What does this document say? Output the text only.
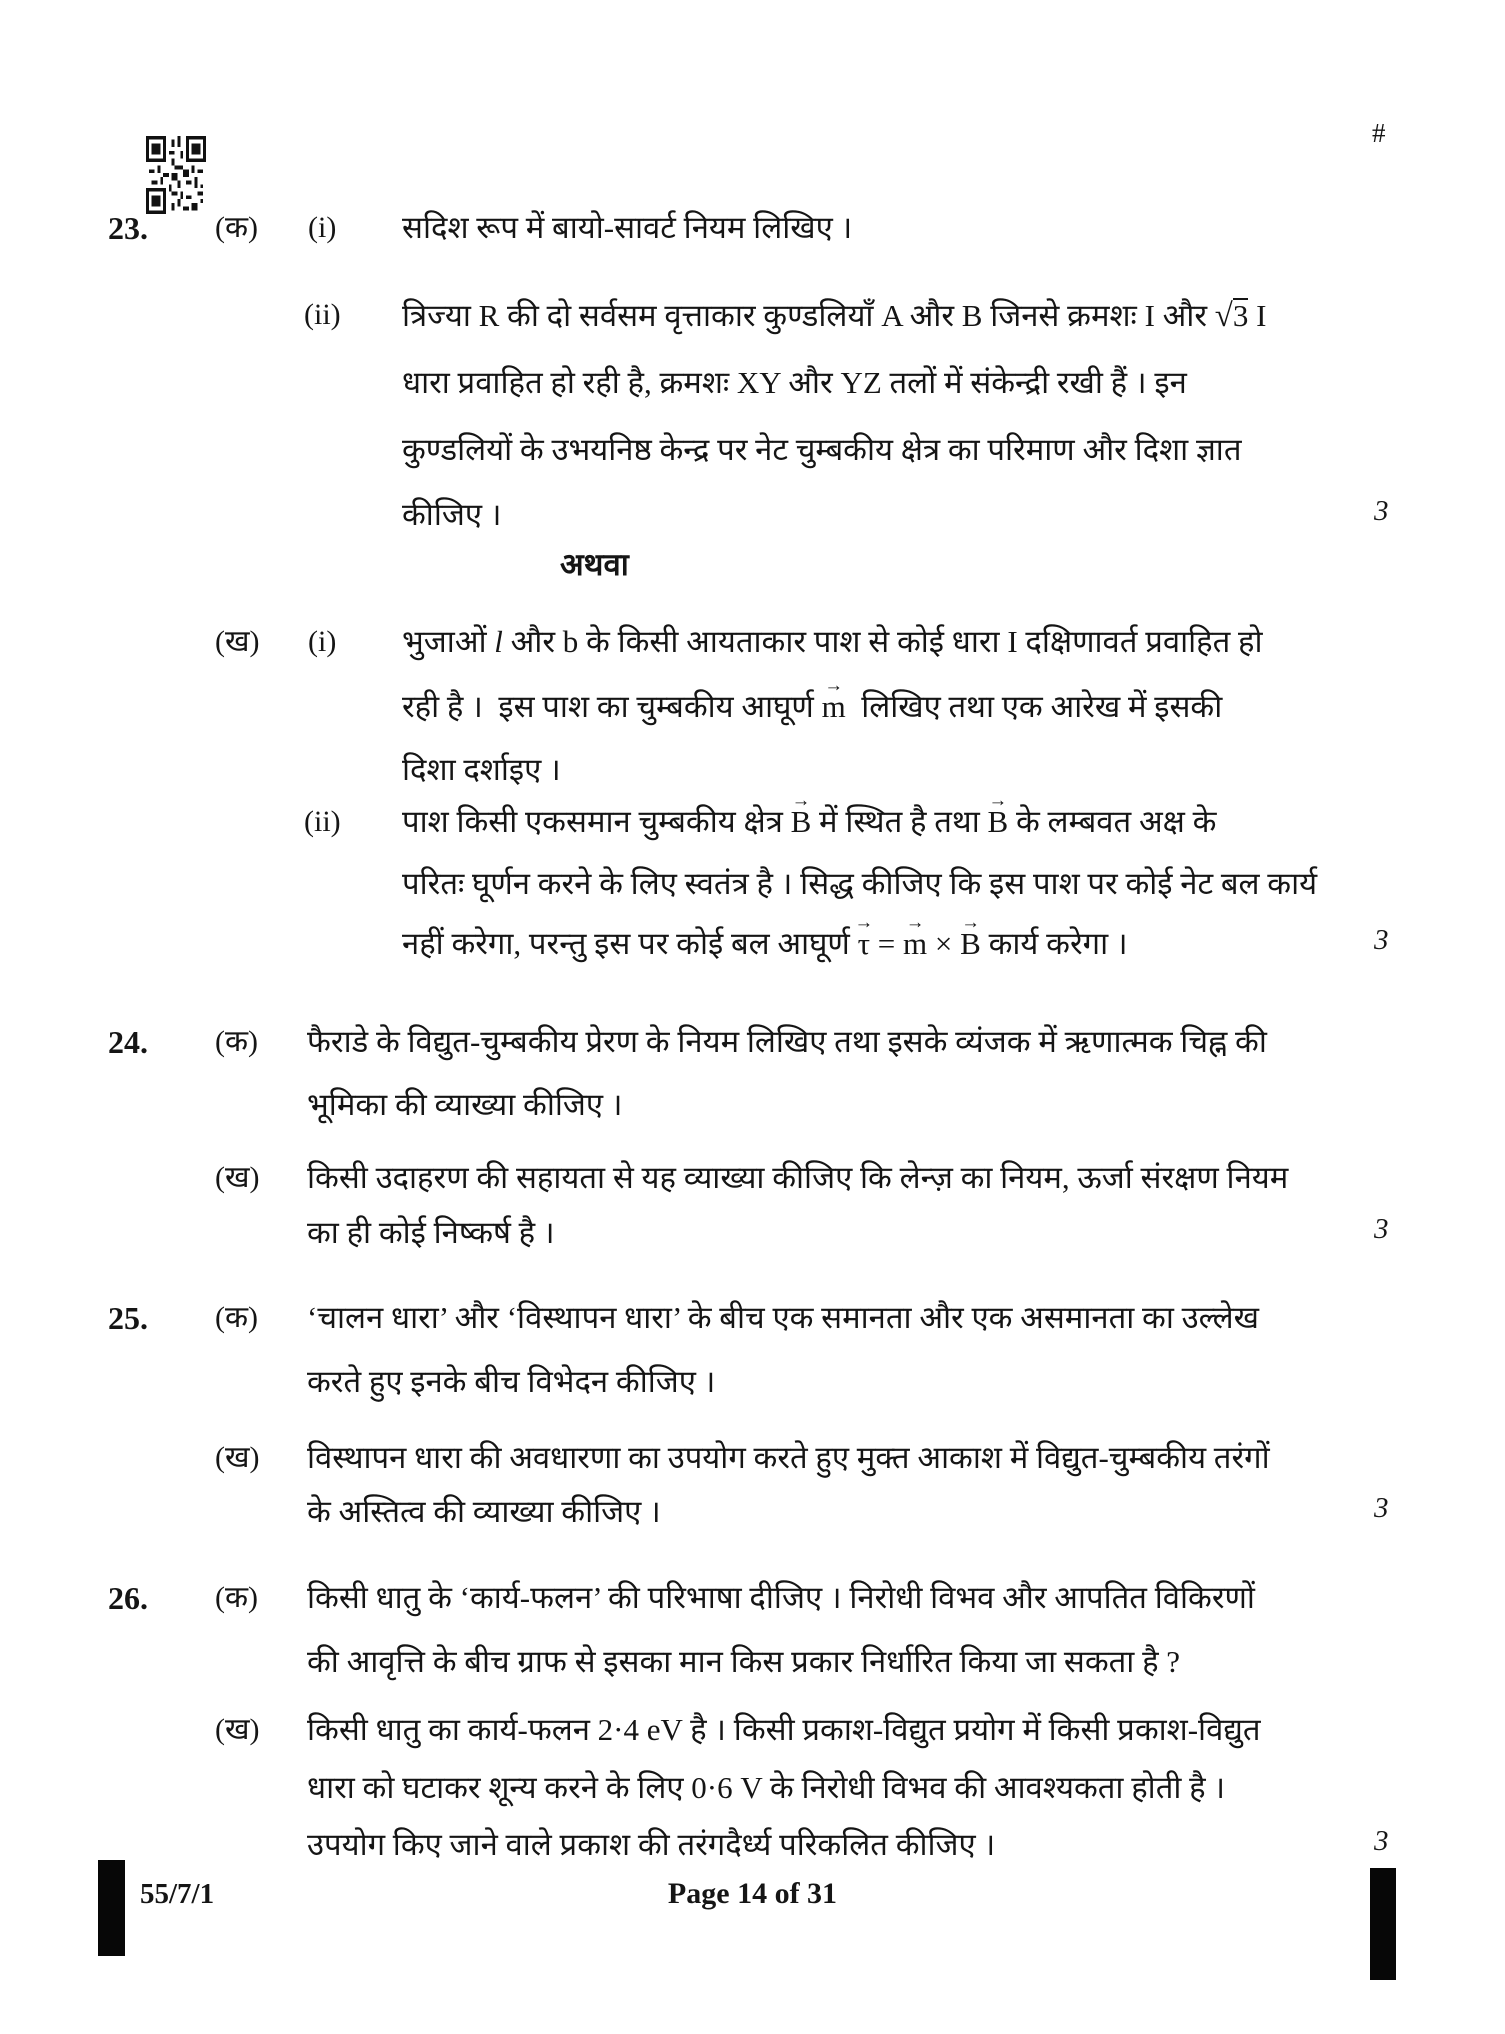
#
23. (क) (i) सदिश रूप में बायो-सावर्ट नियम लिखिए ।
(ii) त्रिज्या R की दो सर्वसम वृत्ताकार कुण्डलियाँ A और B जिनसे क्रमशः I और √3 I
धारा प्रवाहित हो रही है, क्रमशः XY और YZ तलों में संकेन्द्री रखी हैं । इन
कुण्डलियों के उभयनिष्ठ केन्द्र पर नेट चुम्बकीय क्षेत्र का परिमाण और दिशा ज्ञात
कीजिए ।	3
अथवा
(ख) (i) भुजाओं l और b के किसी आयताकार पाश से कोई धारा I दक्षिणावर्त प्रवाहित हो
रही है ।  इस पाश का चुम्बकीय आघूर्ण → m  लिखिए तथा एक आरेख में इसकी
दिशा दर्शाइए ।
(ii) पाश किसी एकसमान चुम्बकीय क्षेत्र → B में स्थित है तथा → B के लम्बवत अक्ष के
परितः घूर्णन करने के लिए स्वतंत्र है । सिद्ध कीजिए कि इस पाश पर कोई नेट बल कार्य
नहीं करेगा, परन्तु इस पर कोई बल आघूर्ण → τ = → m × → B कार्य करेगा ।	3
24. (क) फैराडे के विद्युत-चुम्बकीय प्रेरण के नियम लिखिए तथा इसके व्यंजक में ऋणात्मक चिह्न की
भूमिका की व्याख्या कीजिए ।
(ख) किसी उदाहरण की सहायता से यह व्याख्या कीजिए कि लेन्ज़ का नियम, ऊर्जा संरक्षण नियम
का ही कोई निष्कर्ष है ।	3
25. (क) ‘चालन धारा’ और ‘विस्थापन धारा’ के बीच एक समानता और एक असमानता का उल्लेख
करते हुए इनके बीच विभेदन कीजिए ।
(ख) विस्थापन धारा की अवधारणा का उपयोग करते हुए मुक्त आकाश में विद्युत-चुम्बकीय तरंगों
के अस्तित्व की व्याख्या कीजिए ।	3
26. (क) किसी धातु के ‘कार्य-फलन’ की परिभाषा दीजिए । निरोधी विभव और आपतित विकिरणों
की आवृत्ति के बीच ग्राफ से इसका मान किस प्रकार निर्धारित किया जा सकता है ?
(ख) किसी धातु का कार्य-फलन 2·4 eV है । किसी प्रकाश-विद्युत प्रयोग में किसी प्रकाश-विद्युत
धारा को घटाकर शून्य करने के लिए 0·6 V के निरोधी विभव की आवश्यकता होती है ।
उपयोग किए जाने वाले प्रकाश की तरंगदैर्ध्य परिकलित कीजिए ।	3
55/7/1	Page 14 of 31
